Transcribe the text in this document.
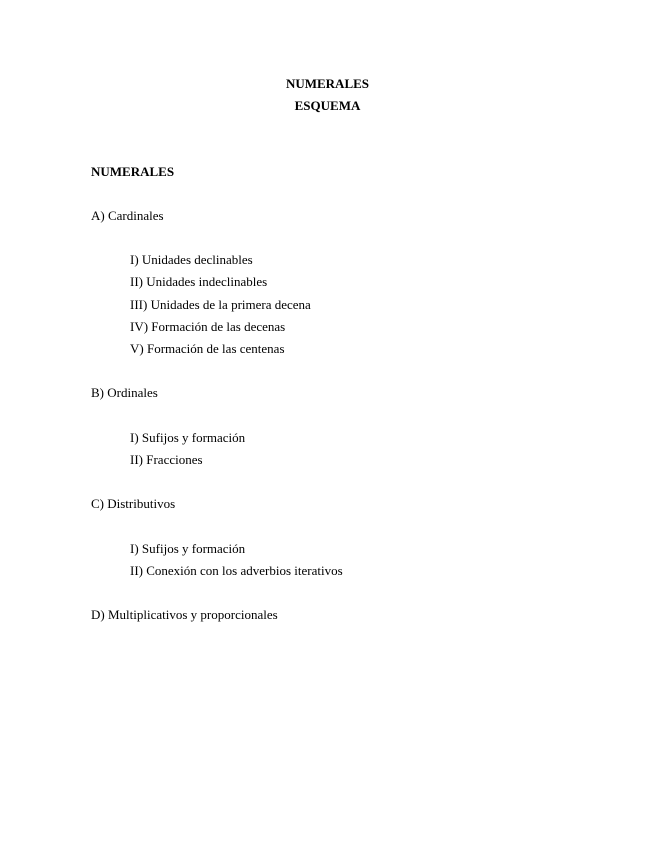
NUMERALES
ESQUEMA
NUMERALES
A) Cardinales
I) Unidades declinables
II) Unidades indeclinables
III) Unidades de la primera decena
IV) Formación de las decenas
V) Formación de las centenas
B) Ordinales
I) Sufijos y formación
II) Fracciones
C) Distributivos
I) Sufijos y formación
II) Conexión con los adverbios iterativos
D) Multiplicativos y proporcionales
